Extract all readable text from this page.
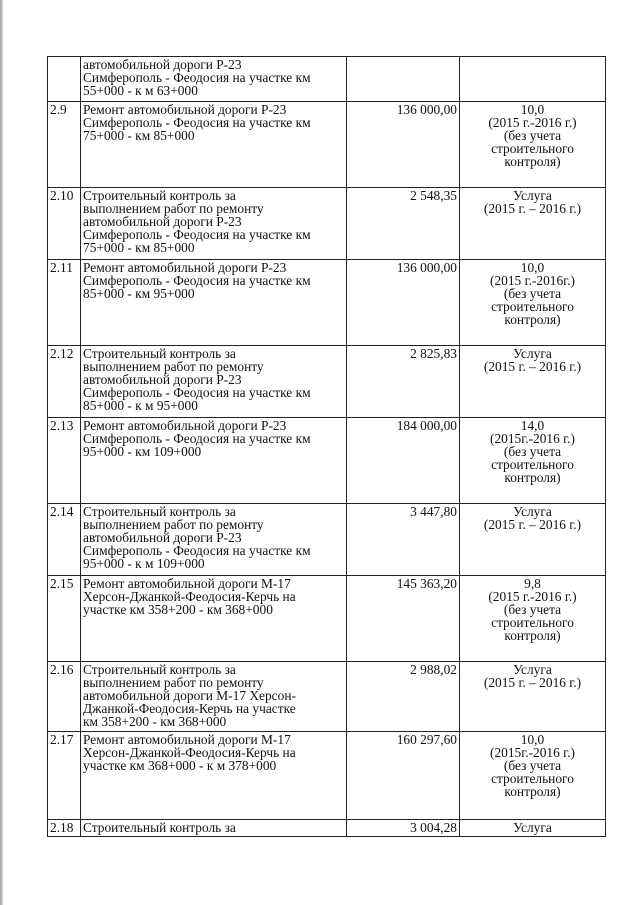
	автомобильной дороги Р-23
Симферополь - Феодосия на участке км
55+000 - к м 63+000		
2.9	Ремонт автомобильной дороги Р-23
Симферополь - Феодосия на участке км
75+000 - км 85+000	136 000,00	10,0
(2015 г.-2016 г.)
(без учета
строительного
контроля)
2.10	Строительный контроль за
выполнением работ по ремонту
автомобильной дороги Р-23
Симферополь - Феодосия на участке км
75+000 - км 85+000	2 548,35	Услуга
(2015 г. – 2016 г.)
2.11	Ремонт автомобильной дороги Р-23
Симферополь - Феодосия на участке км
85+000 - км 95+000	136 000,00	10,0
(2015 г.-2016г.)
(без учета
строительного
контроля)
2.12	Строительный контроль за
выполнением работ по ремонту
автомобильной дороги Р-23
Симферополь - Феодосия на участке км
85+000 - к м 95+000	2 825,83	Услуга
(2015 г. – 2016 г.)
2.13	Ремонт автомобильной дороги Р-23
Симферополь - Феодосия на участке км
95+000 - км 109+000	184 000,00	14,0
(2015г.-2016 г.)
(без учета
строительного
контроля)
2.14	Строительный контроль за
выполнением работ по ремонту
автомобильной дороги Р-23
Симферополь - Феодосия на участке км
95+000 - к м 109+000	3 447,80	Услуга
(2015 г. – 2016 г.)
2.15	Ремонт автомобильной дороги М-17
Херсон-Джанкой-Феодосия-Керчь на
участке км 358+200 - км 368+000	145 363,20	9,8
(2015 г.-2016 г.)
(без учета
строительного
контроля)
2.16	Строительный контроль за
выполнением работ по ремонту
автомобильной дороги М-17 Херсон-
Джанкой-Феодосия-Керчь на участке
км 358+200 - км 368+000	2 988,02	Услуга
(2015 г. – 2016 г.)
2.17	Ремонт автомобильной дороги М-17
Херсон-Джанкой-Феодосия-Керчь на
участке км 368+000 - к м 378+000	160 297,60	10,0
(2015г.-2016 г.)
(без учета
строительного
контроля)
2.18	Строительный контроль за	3 004,28	Услуга
